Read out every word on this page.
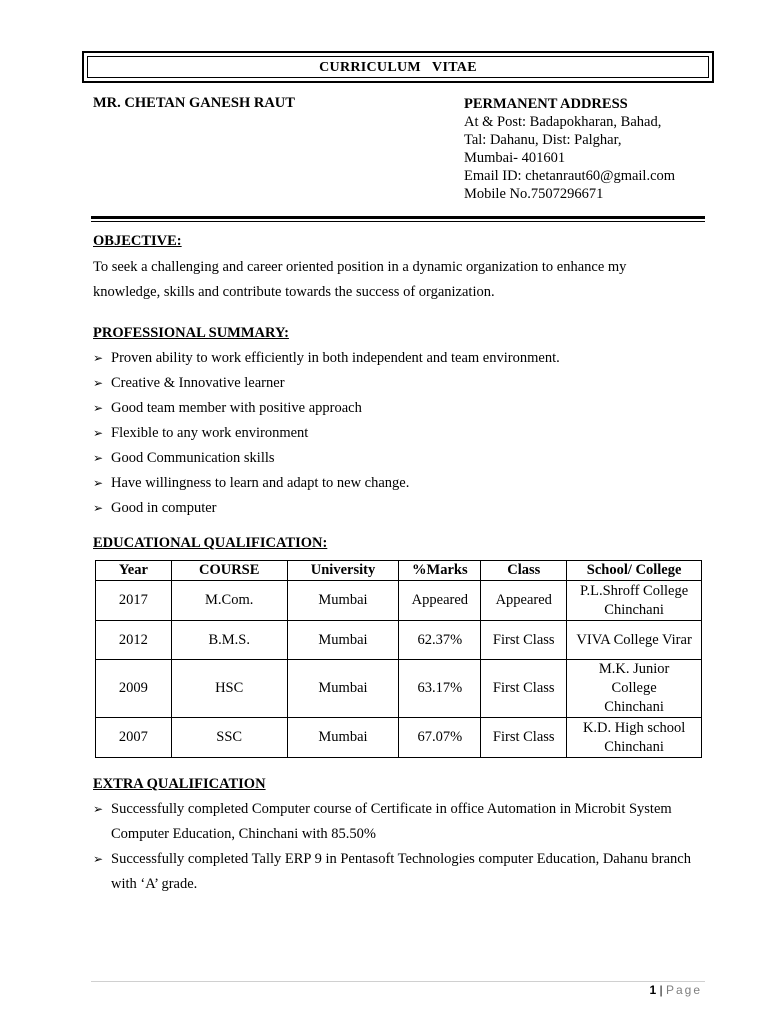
CURRICULUM   VITAE
MR. CHETAN GANESH RAUT	PERMANENT ADDRESS
At & Post: Badapokharan, Bahad,
Tal: Dahanu, Dist: Palghar,
Mumbai- 401601
Email ID: chetanraut60@gmail.com
Mobile No.7507296671
OBJECTIVE:
To seek a challenging and career oriented position in a dynamic organization to enhance my knowledge, skills and contribute towards the success of organization.
PROFESSIONAL SUMMARY:
➢ Proven ability to work efficiently in both independent and team environment.
➢ Creative & Innovative learner
➢ Good team member with positive approach
➢ Flexible to any work environment
➢ Good Communication skills
➢ Have willingness to learn and adapt to new change.
➢ Good in computer
EDUCATIONAL QUALIFICATION:
Year	COURSE	University	%Marks	Class	School/ College
2017	M.Com.	Mumbai	Appeared	Appeared	P.L.Shroff College Chinchani
2012	B.M.S.	Mumbai	62.37%	First Class	VIVA College Virar
2009	HSC	Mumbai	63.17%	First Class	M.K. Junior College Chinchani
2007	SSC	Mumbai	67.07%	First Class	K.D. High school Chinchani
EXTRA QUALIFICATION
➢ Successfully completed Computer course of Certificate in office Automation in Microbit System Computer Education, Chinchani with 85.50%
➢ Successfully completed Tally ERP 9 in Pentasoft Technologies computer Education, Dahanu branch with ‘A’ grade.
1 | Page
